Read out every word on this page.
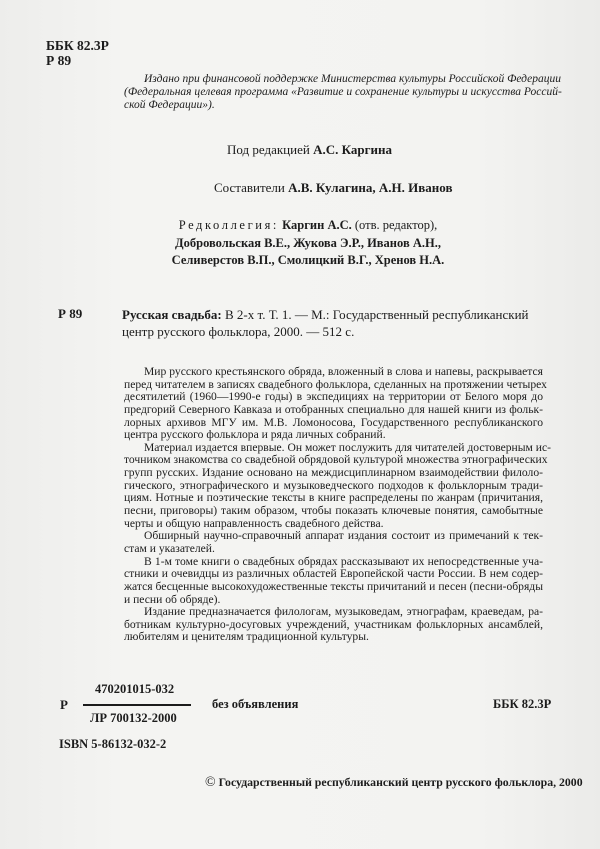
ББК 82.3Р
Р 89
Издано при финансовой поддержке Министерства культуры Российской Федерации
(Федеральная целевая программа «Развитие и сохранение культуры и искусства Россий-
ской Федерации»).
Под редакцией А.С. Каргина
Составители А.В. Кулагина, А.Н. Иванов
Редколлегия: Каргин А.С. (отв. редактор),
Добровольская В.Е., Жукова Э.Р., Иванов А.Н.,
Селиверстов В.П., Смолицкий В.Г., Хренов Н.А.
Р 89	Русская свадьба: В 2-х т. Т. 1. — М.: Государственный республиканский
центр русского фольклора, 2000. — 512 с.
Мир русского крестьянского обряда, вложенный в слова и напевы, раскрывается
перед читателем в записях свадебного фольклора, сделанных на протяжении четырех
десятилетий (1960—1990-е годы) в экспедициях на территории от Белого моря до
предгорий Северного Кавказа и отобранных специально для нашей книги из фольк-
лорных архивов МГУ им. М.В. Ломоносова, Государственного республиканского
центра русского фольклора и ряда личных собраний.
Материал издается впервые. Он может послужить для читателей достоверным ис-
точником знакомства со свадебной обрядовой культурой множества этнографических
групп русских. Издание основано на междисциплинарном взаимодействии филоло-
гического, этнографического и музыковедческого подходов к фольклорным тради-
циям. Нотные и поэтические тексты в книге распределены по жанрам (причитания,
песни, приговоры) таким образом, чтобы показать ключевые понятия, самобытные
черты и общую направленность свадебного действа.
Обширный научно-справочный аппарат издания состоит из примечаний к тек-
стам и указателей.
В 1-м томе книги о свадебных обрядах рассказывают их непосредственные уча-
стники и очевидцы из различных областей Европейской части России. В нем содер-
жатся бесценные высокохудожественные тексты причитаний и песен (песни-обряды
и песни об обряде).
Издание предназначается филологам, музыковедам, этнографам, краеведам, ра-
ботникам культурно-досуговых учреждений, участникам фольклорных ансамблей,
любителям и ценителям традиционной культуры.
Р
470201015-032
ЛР 700132-2000
без объявления	ББК 82.3Р
ISBN 5-86132-032-2
© Государственный республиканский центр русского фольклора, 2000
